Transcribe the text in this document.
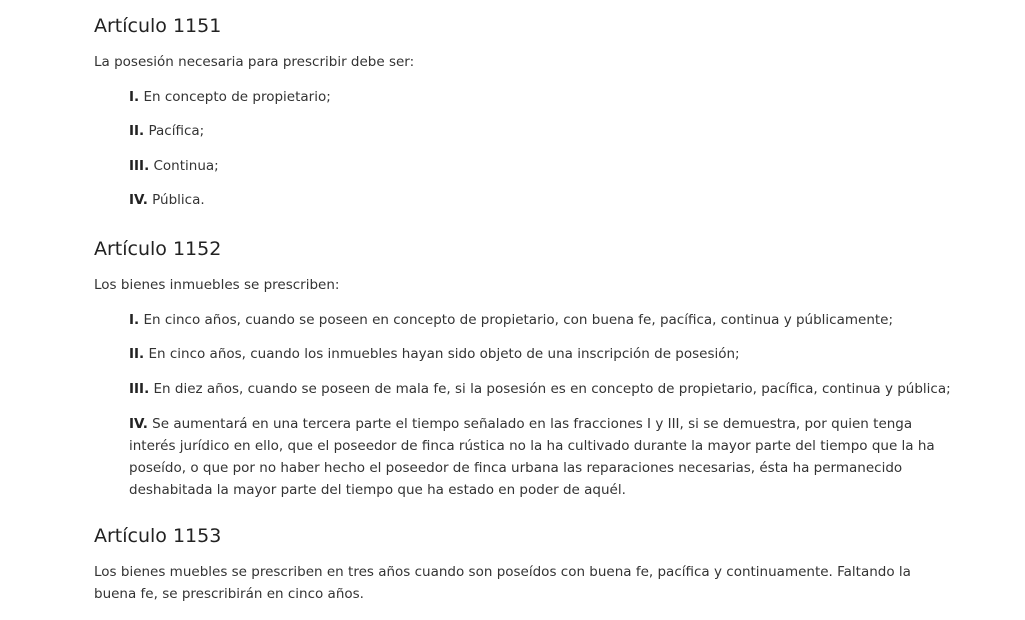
Artículo 1151

La posesión necesaria para prescribir debe ser:

I. En concepto de propietario;

II. Pacífica;

III. Continua;

IV. Pública.

Artículo 1152

Los bienes inmuebles se prescriben:

I. En cinco años, cuando se poseen en concepto de propietario, con buena fe, pacífica, continua y públicamente;

II. En cinco años, cuando los inmuebles hayan sido objeto de una inscripción de posesión;

III. En diez años, cuando se poseen de mala fe, si la posesión es en concepto de propietario, pacífica, continua y pública;

IV. Se aumentará en una tercera parte el tiempo señalado en las fracciones I y III, si se demuestra, por quien tenga interés jurídico en ello, que el poseedor de finca rústica no la ha cultivado durante la mayor parte del tiempo que la ha poseído, o que por no haber hecho el poseedor de finca urbana las reparaciones necesarias, ésta ha permanecido deshabitada la mayor parte del tiempo que ha estado en poder de aquél.

Artículo 1153

Los bienes muebles se prescriben en tres años cuando son poseídos con buena fe, pacífica y continuamente. Faltando la buena fe, se prescribirán en cinco años.
